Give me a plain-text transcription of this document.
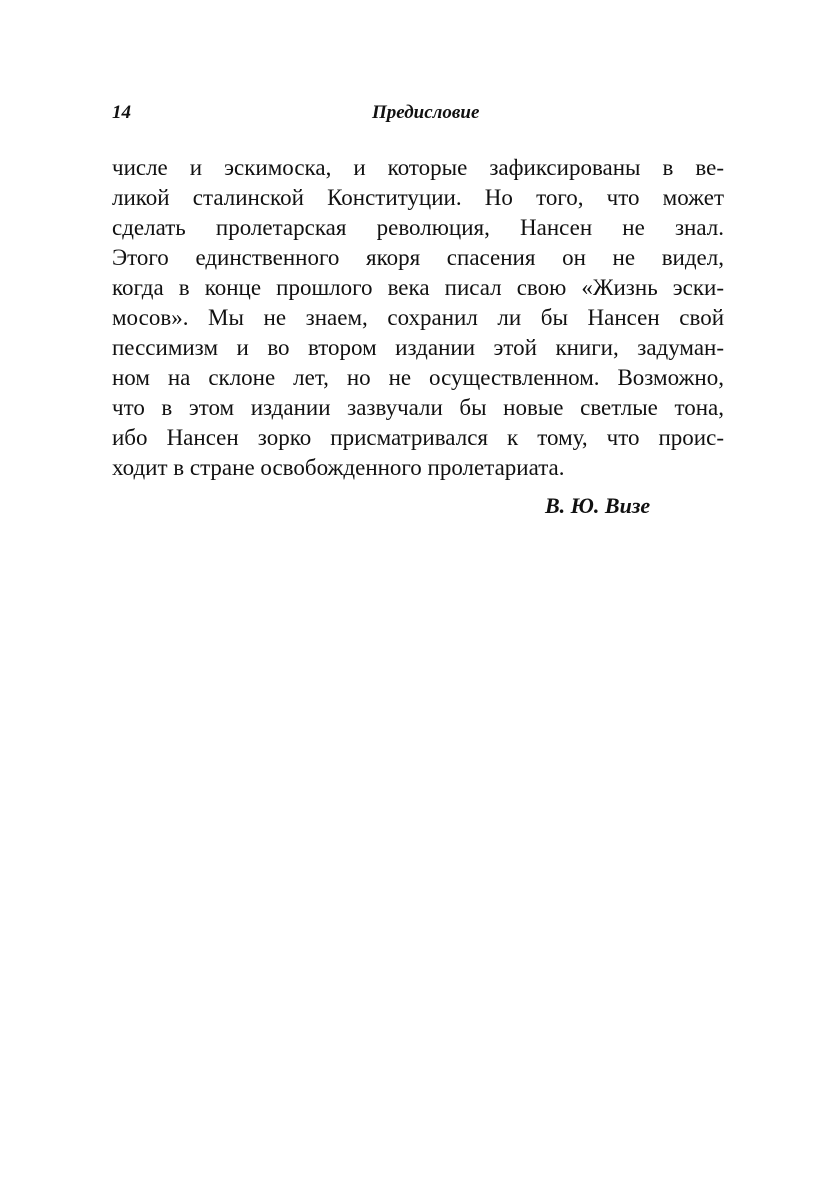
14	Предисловие
числе и эскимоска, и которые зафиксированы в ве-
ликой сталинской Конституции. Но того, что может
сделать пролетарская революция, Нансен не знал.
Этого единственного якоря спасения он не видел,
когда в конце прошлого века писал свою «Жизнь эски-
мосов». Мы не знаем, сохранил ли бы Нансен свой
пессимизм и во втором издании этой книги, задуман-
ном на склоне лет, но не осуществленном. Возможно,
что в этом издании зазвучали бы новые светлые тона,
ибо Нансен зорко присматривался к тому, что проис-
ходит в стране освобожденного пролетариата.
В. Ю. Визе
